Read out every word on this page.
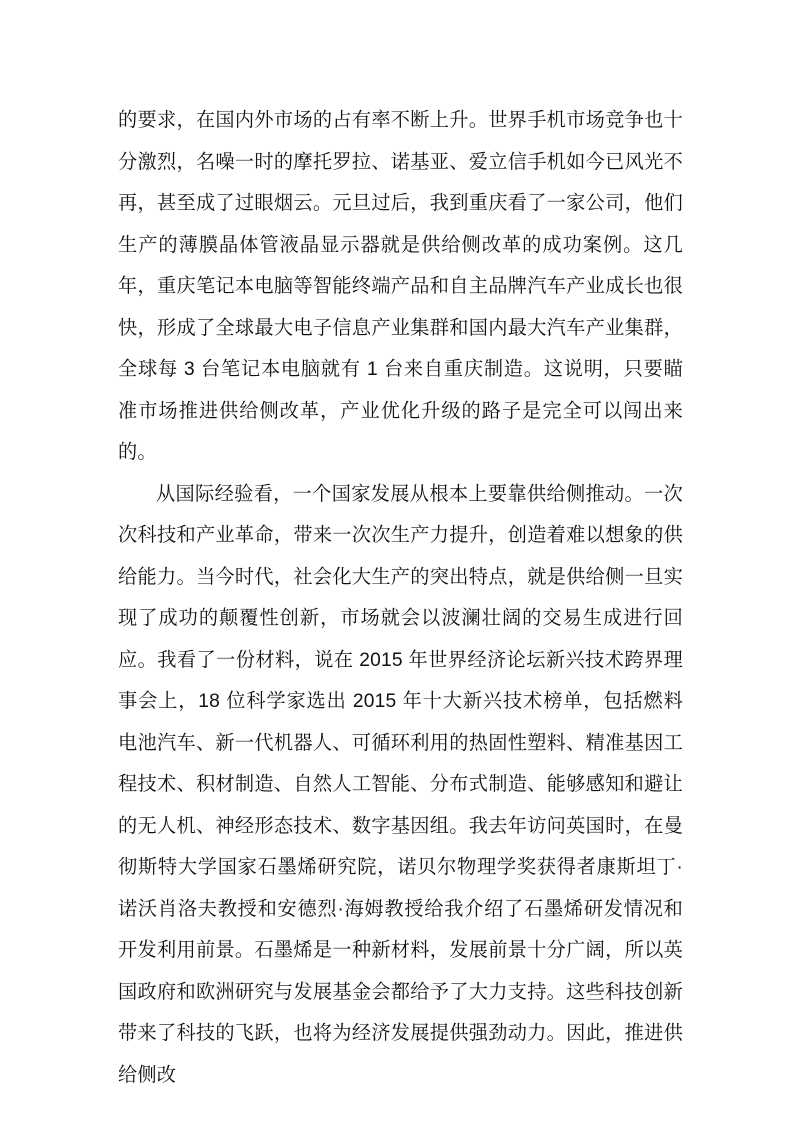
的要求，在国内外市场的占有率不断上升。世界手机市场竞争也十分激烈，名噪一时的摩托罗拉、诺基亚、爱立信手机如今已风光不再，甚至成了过眼烟云。元旦过后，我到重庆看了一家公司，他们生产的薄膜晶体管液晶显示器就是供给侧改革的成功案例。这几年，重庆笔记本电脑等智能终端产品和自主品牌汽车产业成长也很快，形成了全球最大电子信息产业集群和国内最大汽车产业集群，全球每 3 台笔记本电脑就有 1 台来自重庆制造。这说明，只要瞄准市场推进供给侧改革，产业优化升级的路子是完全可以闯出来的。

从国际经验看，一个国家发展从根本上要靠供给侧推动。一次次科技和产业革命，带来一次次生产力提升，创造着难以想象的供给能力。当今时代，社会化大生产的突出特点，就是供给侧一旦实现了成功的颠覆性创新，市场就会以波澜壮阔的交易生成进行回应。我看了一份材料，说在 2015 年世界经济论坛新兴技术跨界理事会上，18 位科学家选出 2015 年十大新兴技术榜单，包括燃料电池汽车、新一代机器人、可循环利用的热固性塑料、精准基因工程技术、积材制造、自然人工智能、分布式制造、能够感知和避让的无人机、神经形态技术、数字基因组。我去年访问英国时，在曼彻斯特大学国家石墨烯研究院，诺贝尔物理学奖获得者康斯坦丁·诺沃肖洛夫教授和安德烈·海姆教授给我介绍了石墨烯研发情况和开发利用前景。石墨烯是一种新材料，发展前景十分广阔，所以英国政府和欧洲研究与发展基金会都给予了大力支持。这些科技创新带来了科技的飞跃，也将为经济发展提供强劲动力。因此，推进供给侧改
